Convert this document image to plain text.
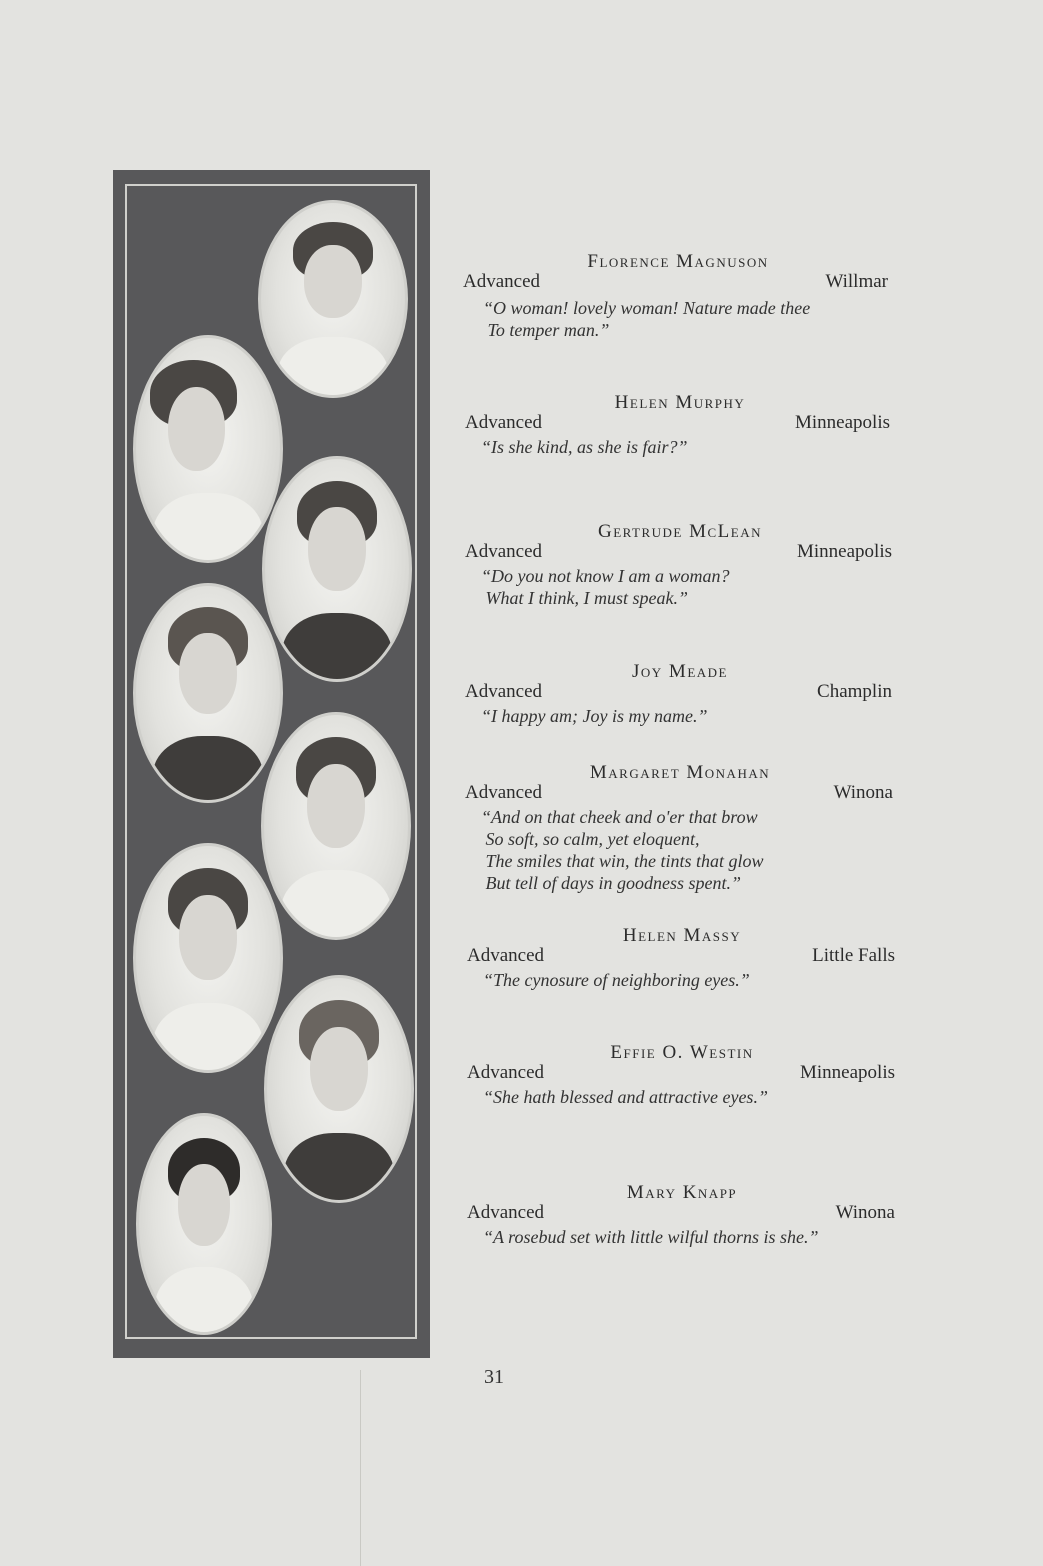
Florence Magnuson
Advanced	Willmar
“O woman! lovely woman! Nature made thee
To temper man.”
Helen Murphy
Advanced	Minneapolis
“Is she kind, as she is fair?”
Gertrude McLean
Advanced	Minneapolis
“Do you not know I am a woman?
What I think, I must speak.”
Joy Meade
Advanced	Champlin
“I happy am; Joy is my name.”
Margaret Monahan
Advanced	Winona
“And on that cheek and o'er that brow
So soft, so calm, yet eloquent,
The smiles that win, the tints that glow
But tell of days in goodness spent.”
Helen Massy
Advanced	Little Falls
“The cynosure of neighboring eyes.”
Effie O. Westin
Advanced	Minneapolis
“She hath blessed and attractive eyes.”
Mary Knapp
Advanced	Winona
“A rosebud set with little wilful thorns is she.”
31
